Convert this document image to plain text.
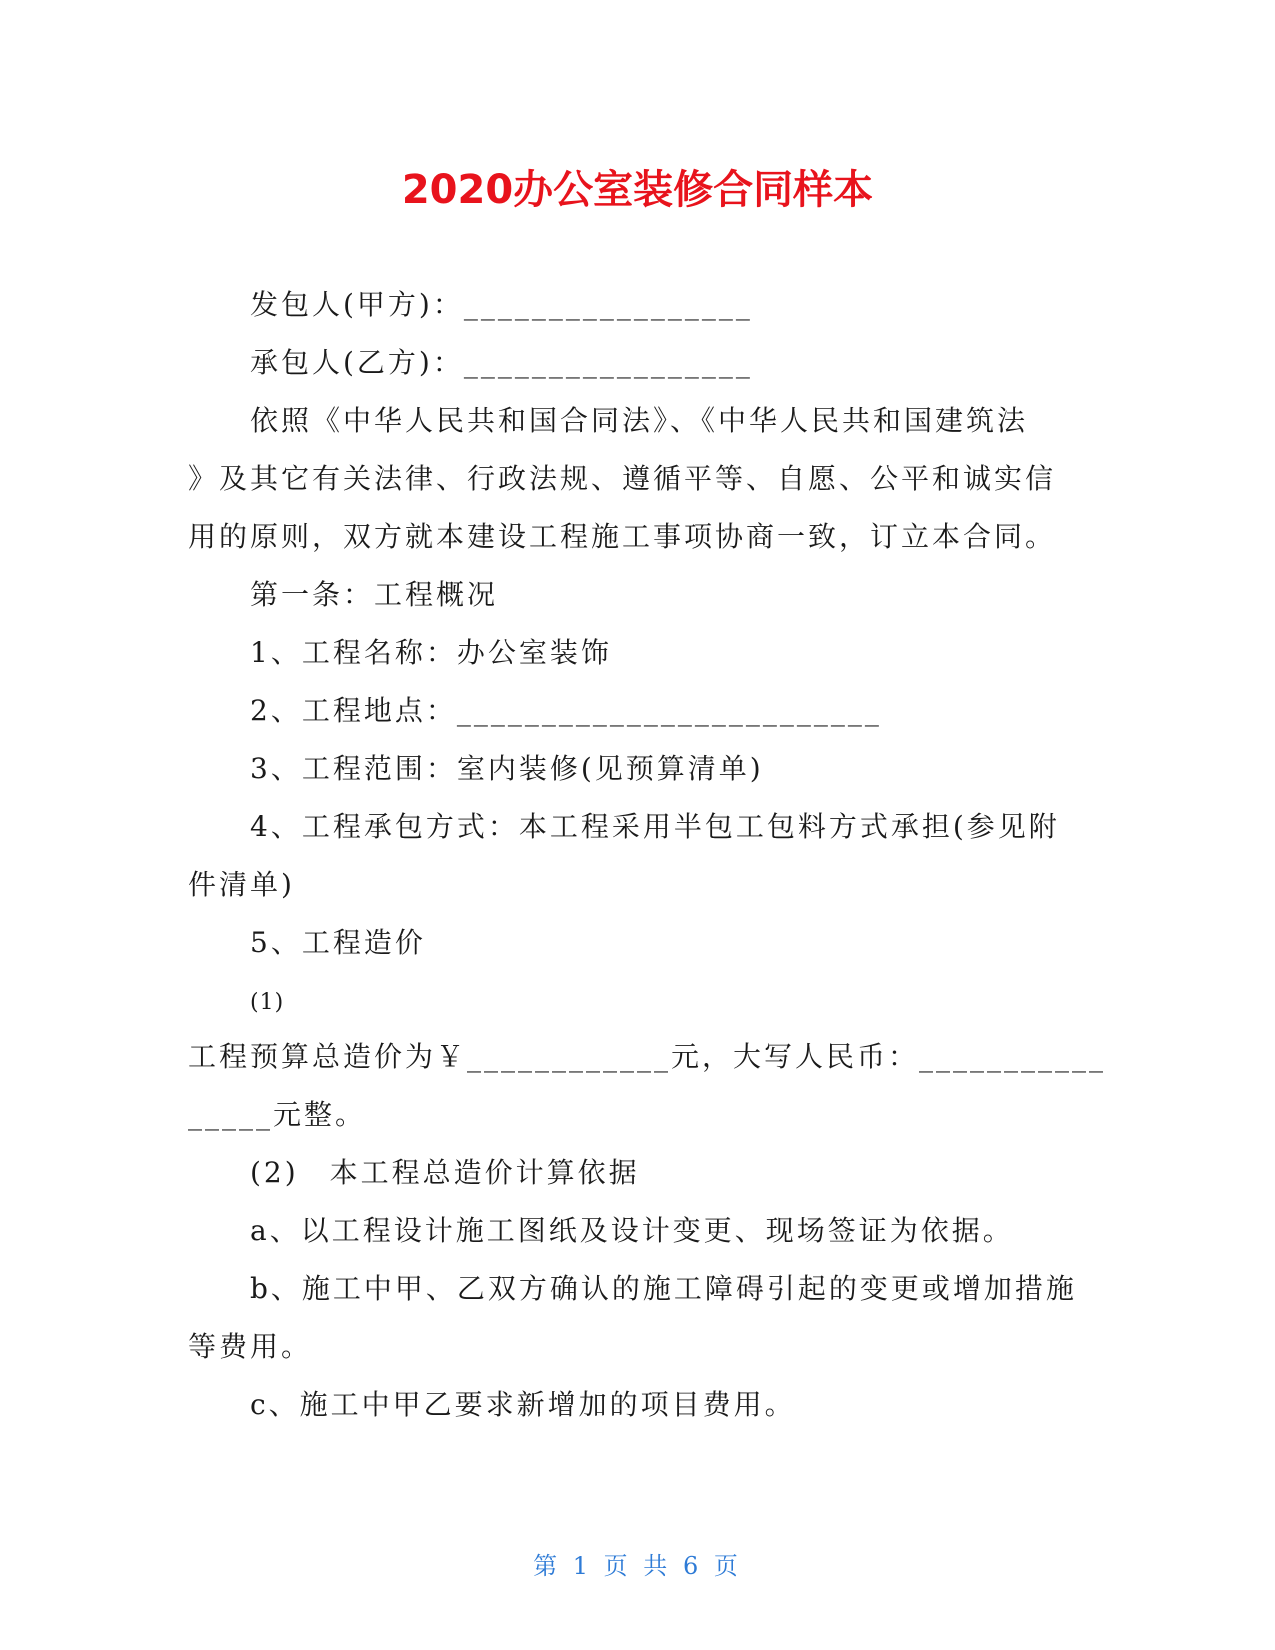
2020办公室装修合同样本

发包人(甲方)：_________________

承包人(乙方)：_________________

依照《中华人民共和国合同法》、《中华人民共和国建筑法

》及其它有关法律、行政法规、遵循平等、自愿、公平和诚实信

用的原则，双方就本建设工程施工事项协商一致，订立本合同。

第一条：工程概况

1、工程名称：办公室装饰

2、工程地点：_________________________

3、工程范围：室内装修(见预算清单)

4、工程承包方式：本工程采用半包工包料方式承担(参见附

件清单)

5、工程造价

(1)

工程预算总造价为￥____________元，大写人民币：___________

_____元整。

(2)　本工程总造价计算依据

a、以工程设计施工图纸及设计变更、现场签证为依据。

b、施工中甲、乙双方确认的施工障碍引起的变更或增加措施

等费用。

c、施工中甲乙要求新增加的项目费用。

第 1 页 共 6 页
